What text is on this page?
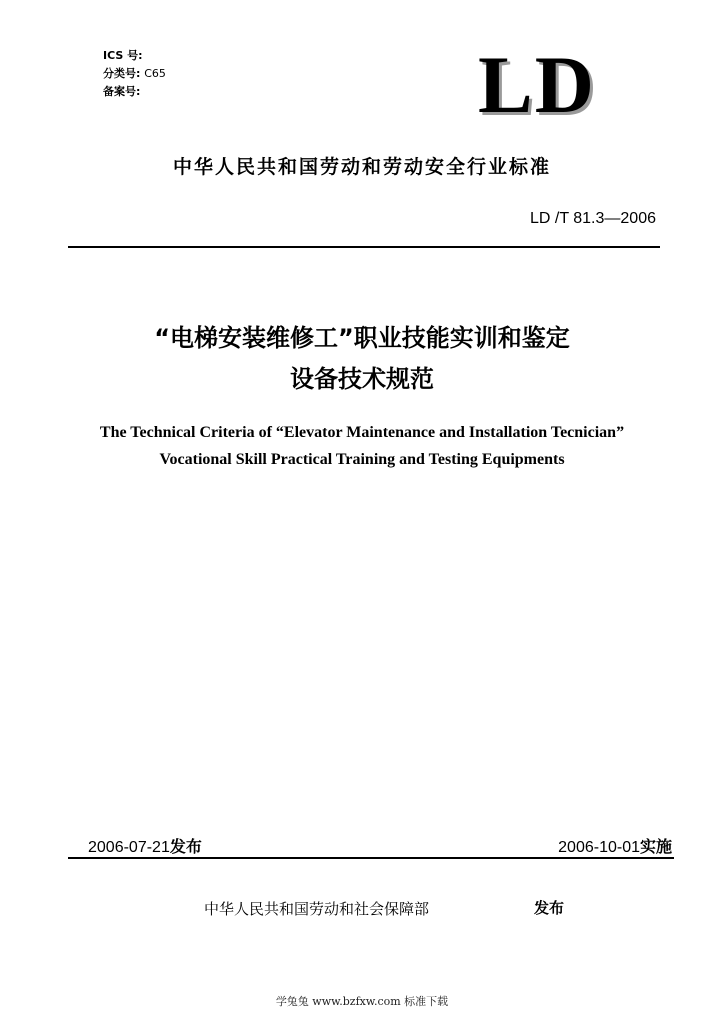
ICS 号:
分类号: C65
备案号:	LD
中华人民共和国劳动和劳动安全行业标准
LD /T 81.3—2006
“电梯安装维修工”职业技能实训和鉴定
设备技术规范
The Technical Criteria of “Elevator Maintenance and Installation Tecnician”
Vocational Skill Practical Training and Testing Equipments
2006-07-21发布	2006-10-01实施
中华人民共和国劳动和社会保障部	发布
学兔兔 www.bzfxw.com 标准下载
